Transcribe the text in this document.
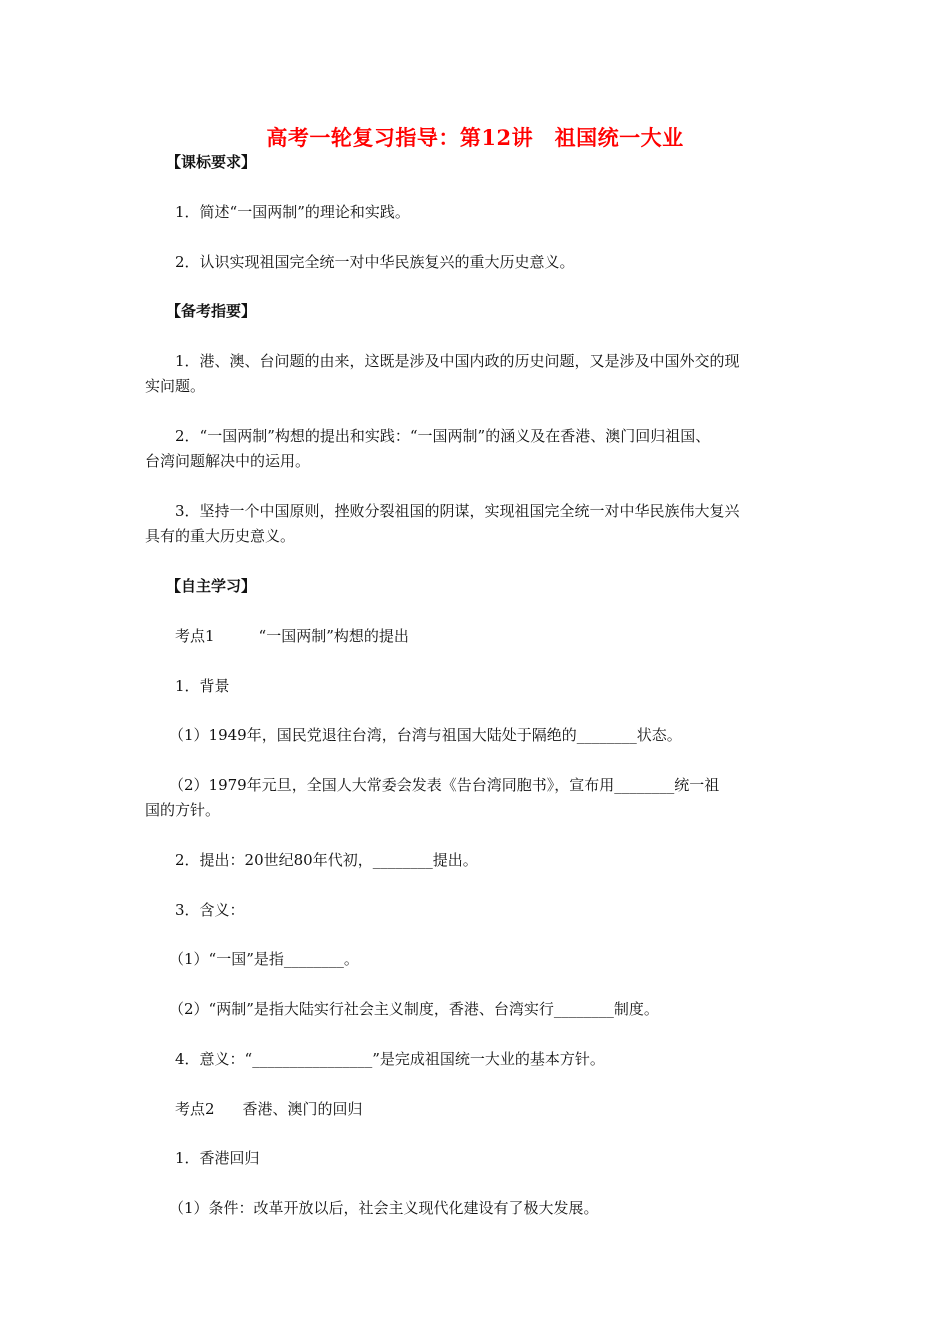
高考一轮复习指导：第12讲　祖国统一大业
【课标要求】
1．简述“一国两制”的理论和实践。
2．认识实现祖国完全统一对中华民族复兴的重大历史意义。
【备考指要】
1．港、澳、台问题的由来，这既是涉及中国内政的历史问题，又是涉及中国外交的现
实问题。
2．“一国两制”构想的提出和实践：“一国两制”的涵义及在香港、澳门回归祖国、
台湾问题解决中的运用。
3．坚持一个中国原则，挫败分裂祖国的阴谋，实现祖国完全统一对中华民族伟大复兴
具有的重大历史意义。
【自主学习】
考点1	“一国两制”构想的提出
1．背景
（1）1949年，国民党退往台湾，台湾与祖国大陆处于隔绝的________状态。
（2）1979年元旦，全国人大常委会发表《告台湾同胞书》，宣布用________统一祖
国的方针。
2．提出：20世纪80年代初，________提出。
3．含义：
（1）“一国”是指________。
（2）“两制”是指大陆实行社会主义制度，香港、台湾实行________制度。
4．意义：“________________”是完成祖国统一大业的基本方针。
考点2 香港、澳门的回归
1．香港回归
（1）条件：改革开放以后，社会主义现代化建设有了极大发展。
